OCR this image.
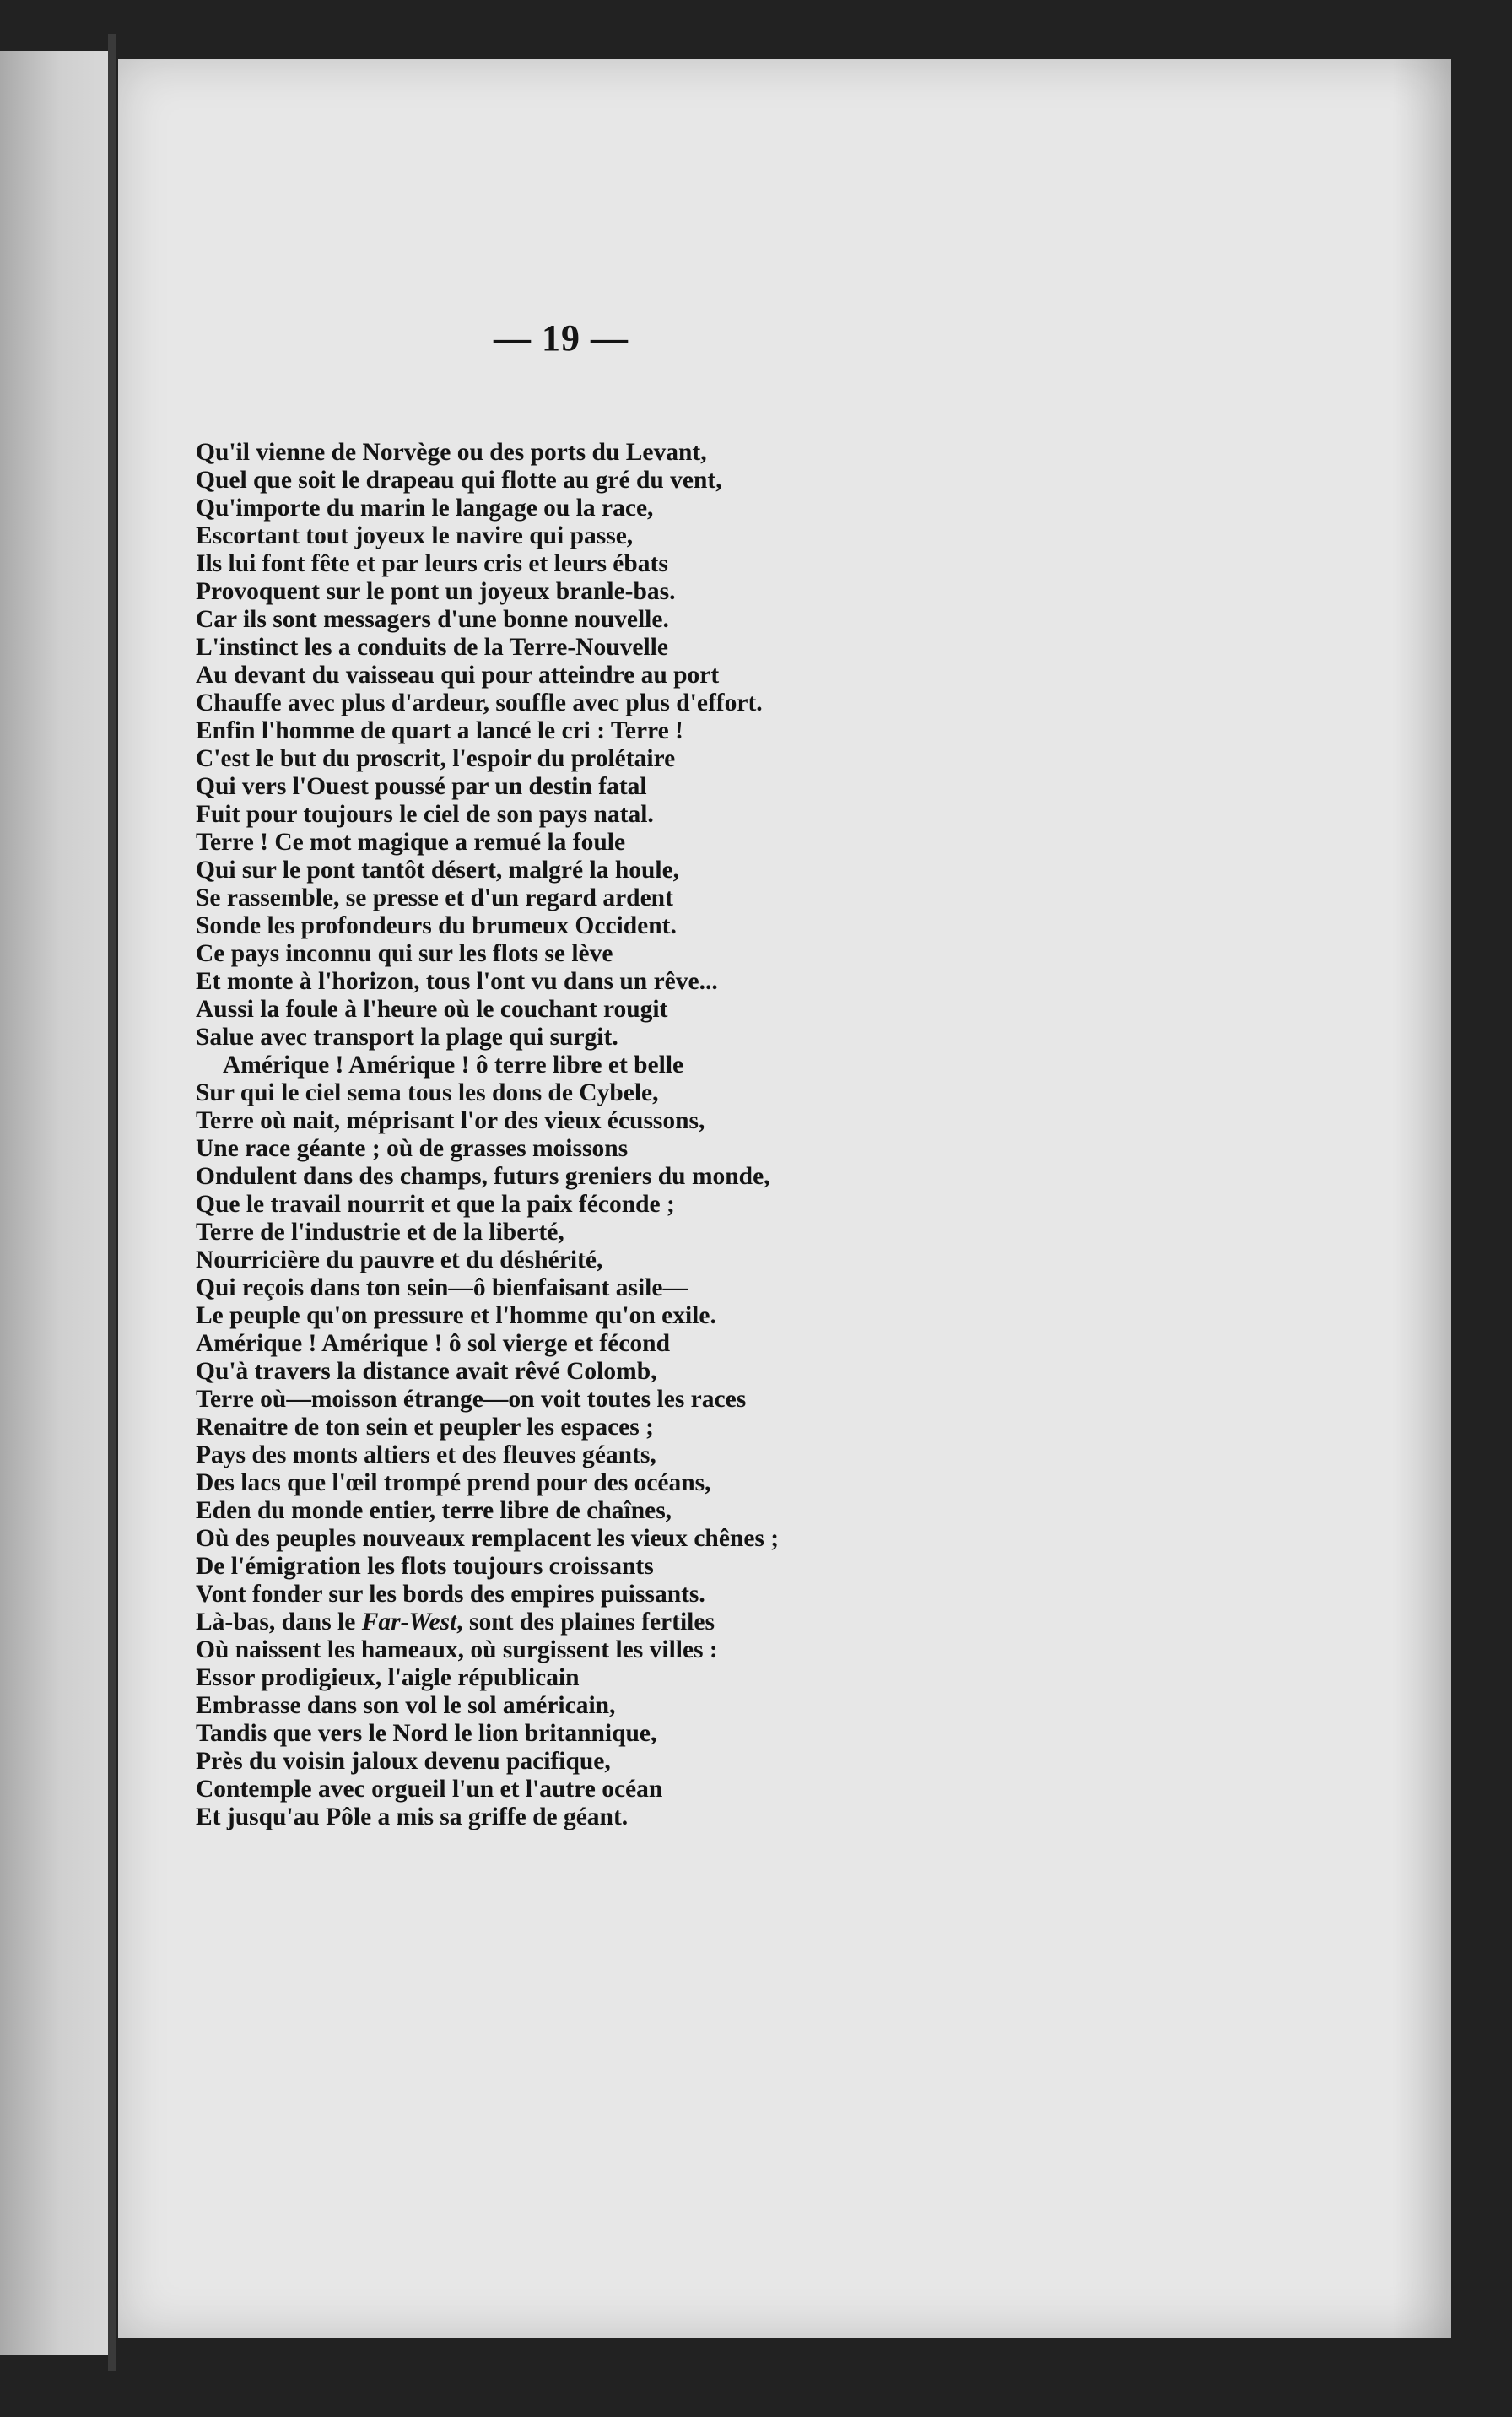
— 19 —
Qu'il vienne de Norvège ou des ports du Levant,
Quel que soit le drapeau qui flotte au gré du vent,
Qu'importe du marin le langage ou la race,
Escortant tout joyeux le navire qui passe,
Ils lui font fête et par leurs cris et leurs ébats
Provoquent sur le pont un joyeux branle-bas.
Car ils sont messagers d'une bonne nouvelle.
L'instinct les a conduits de la Terre-Nouvelle
Au devant du vaisseau qui pour atteindre au port
Chauffe avec plus d'ardeur, souffle avec plus d'effort.
Enfin l'homme de quart a lancé le cri : Terre !
C'est le but du proscrit, l'espoir du prolétaire
Qui vers l'Ouest poussé par un destin fatal
Fuit pour toujours le ciel de son pays natal.
Terre ! Ce mot magique a remué la foule
Qui sur le pont tantôt désert, malgré la houle,
Se rassemble, se presse et d'un regard ardent
Sonde les profondeurs du brumeux Occident.
Ce pays inconnu qui sur les flots se lève
Et monte à l'horizon, tous l'ont vu dans un rêve...
Aussi la foule à l'heure où le couchant rougit
Salue avec transport la plage qui surgit.
Amérique ! Amérique ! ô terre libre et belle
Sur qui le ciel sema tous les dons de Cybele,
Terre où nait, méprisant l'or des vieux écussons,
Une race géante ; où de grasses moissons
Ondulent dans des champs, futurs greniers du monde,
Que le travail nourrit et que la paix féconde ;
Terre de l'industrie et de la liberté,
Nourricière du pauvre et du déshérité,
Qui reçois dans ton sein—ô bienfaisant asile—
Le peuple qu'on pressure et l'homme qu'on exile.
Amérique ! Amérique ! ô sol vierge et fécond
Qu'à travers la distance avait rêvé Colomb,
Terre où—moisson étrange—on voit toutes les races
Renaitre de ton sein et peupler les espaces ;
Pays des monts altiers et des fleuves géants,
Des lacs que l'œil trompé prend pour des océans,
Eden du monde entier, terre libre de chaînes,
Où des peuples nouveaux remplacent les vieux chênes ;
De l'émigration les flots toujours croissants
Vont fonder sur les bords des empires puissants.
Là-bas, dans le Far-West, sont des plaines fertiles
Où naissent les hameaux, où surgissent les villes :
Essor prodigieux, l'aigle républicain
Embrasse dans son vol le sol américain,
Tandis que vers le Nord le lion britannique,
Près du voisin jaloux devenu pacifique,
Contemple avec orgueil l'un et l'autre océan
Et jusqu'au Pôle a mis sa griffe de géant.
